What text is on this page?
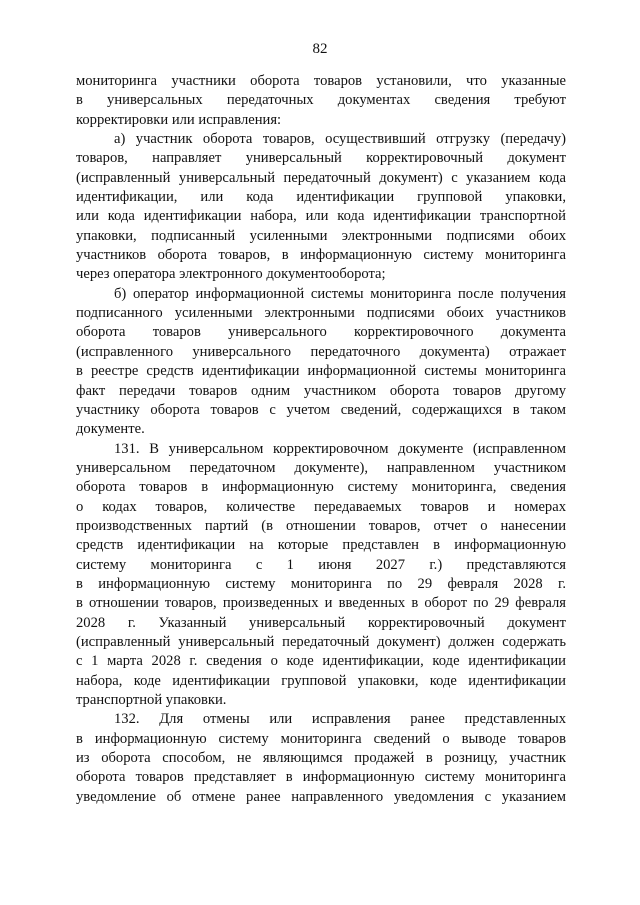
82
мониторинга участники оборота товаров установили, что указанные
в универсальных передаточных документах сведения требуют
корректировки или исправления:
а) участник оборота товаров, осуществивший отгрузку (передачу)
товаров, направляет универсальный корректировочный документ
(исправленный универсальный передаточный документ) с указанием кода
идентификации, или кода идентификации групповой упаковки,
или кода идентификации набора, или кода идентификации транспортной
упаковки, подписанный усиленными электронными подписями обоих
участников оборота товаров, в информационную систему мониторинга
через оператора электронного документооборота;
б) оператор информационной системы мониторинга после получения
подписанного усиленными электронными подписями обоих участников
оборота товаров универсального корректировочного документа
(исправленного универсального передаточного документа) отражает
в реестре средств идентификации информационной системы мониторинга
факт передачи товаров одним участником оборота товаров другому
участнику оборота товаров с учетом сведений, содержащихся в таком
документе.
131. В универсальном корректировочном документе (исправленном
универсальном передаточном документе), направленном участником
оборота товаров в информационную систему мониторинга, сведения
о кодах товаров, количестве передаваемых товаров и номерах
производственных партий (в отношении товаров, отчет о нанесении
средств идентификации на которые представлен в информационную
систему мониторинга с 1 июня 2027 г.) представляются
в информационную систему мониторинга по 29 февраля 2028 г.
в отношении товаров, произведенных и введенных в оборот по 29 февраля
2028 г. Указанный универсальный корректировочный документ
(исправленный универсальный передаточный документ) должен содержать
с 1 марта 2028 г. сведения о коде идентификации, коде идентификации
набора, коде идентификации групповой упаковки, коде идентификации
транспортной упаковки.
132. Для отмены или исправления ранее представленных
в информационную систему мониторинга сведений о выводе товаров
из оборота способом, не являющимся продажей в розницу, участник
оборота товаров представляет в информационную систему мониторинга
уведомление об отмене ранее направленного уведомления с указанием
